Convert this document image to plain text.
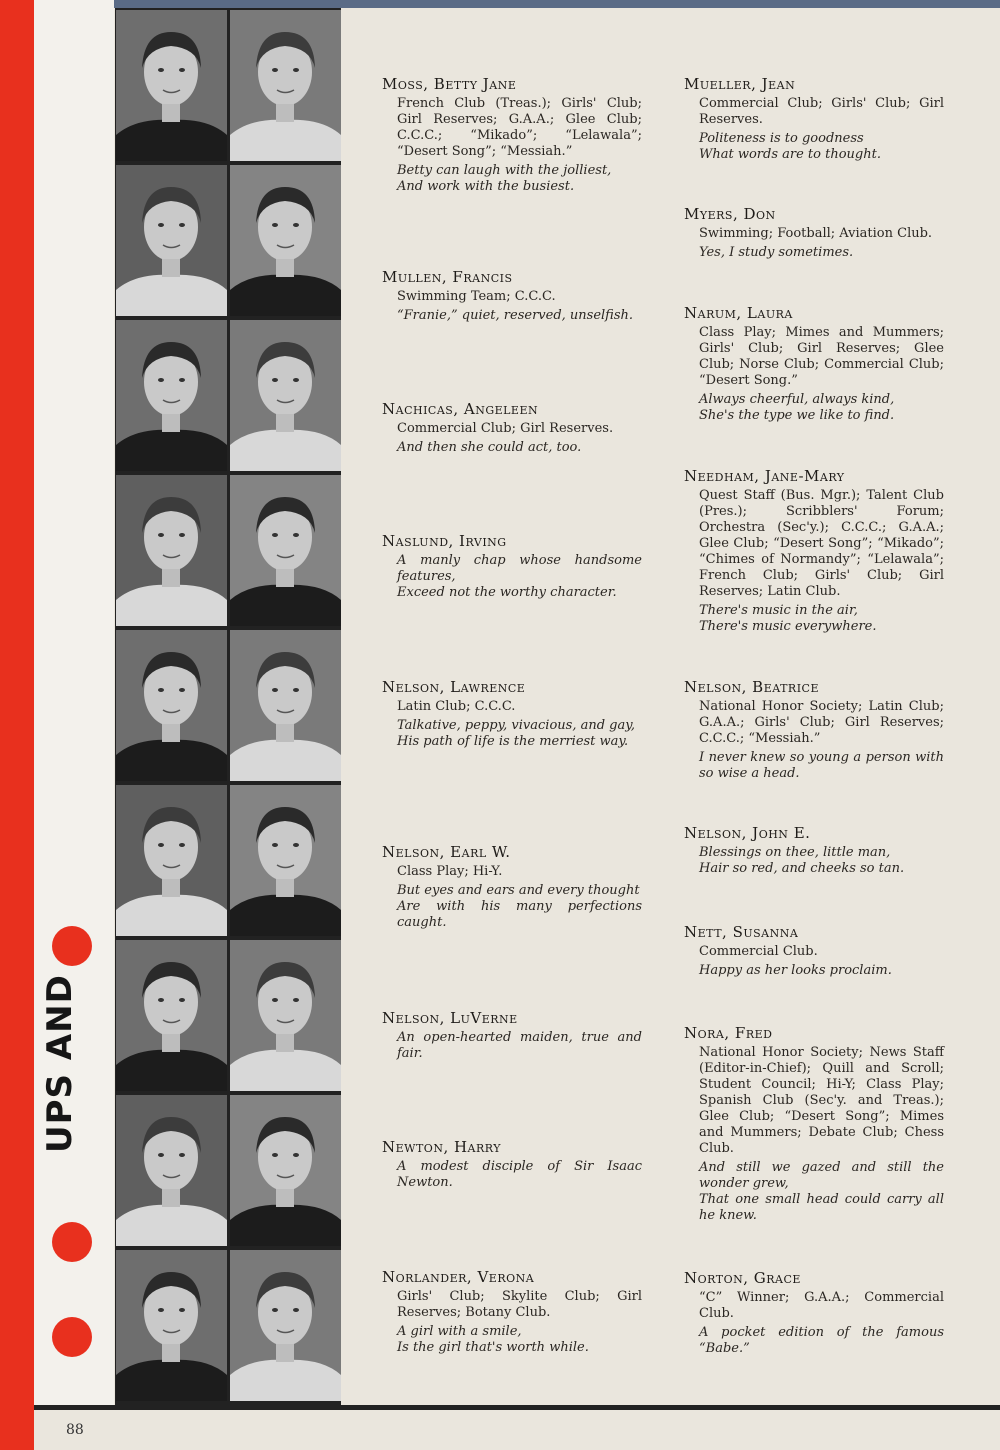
UPS AND
Moss, Betty Jane
French Club (Treas.); Girls' Club; Girl Reserves; G.A.A.; Glee Club; C.C.C.; “Mikado”; “Lelawala”; “Desert Song”; “Messiah.”
Betty can laugh with the jolliest,
And work with the busiest.
Mullen, Francis
Swimming Team; C.C.C.
“Franie,” quiet, reserved, unselfish.
Nachicas, Angeleen
Commercial Club; Girl Reserves.
And then she could act, too.
Naslund, Irving
A manly chap whose handsome features,
Exceed not the worthy character.
Nelson, Lawrence
Latin Club; C.C.C.
Talkative, peppy, vivacious, and gay,
His path of life is the merriest way.
Nelson, Earl W.
Class Play; Hi-Y.
But eyes and ears and every thought
Are with his many perfections caught.
Nelson, LuVerne
An open-hearted maiden, true and fair.
Newton, Harry
A modest disciple of Sir Isaac Newton.
Norlander, Verona
Girls' Club; Skylite Club; Girl Reserves; Botany Club.
A girl with a smile,
Is the girl that's worth while.
Mueller, Jean
Commercial Club; Girls' Club; Girl Reserves.
Politeness is to goodness
What words are to thought.
Myers, Don
Swimming; Football; Aviation Club.
Yes, I study sometimes.
Narum, Laura
Class Play; Mimes and Mummers; Girls' Club; Girl Reserves; Glee Club; Norse Club; Commercial Club; “Desert Song.”
Always cheerful, always kind,
She's the type we like to find.
Needham, Jane-Mary
Quest Staff (Bus. Mgr.); Talent Club (Pres.); Scribblers' Forum; Orchestra (Sec'y.); C.C.C.; G.A.A.; Glee Club; “Desert Song”; “Mikado”; “Chimes of Normandy”; “Lelawala”; French Club; Girls' Club; Girl Reserves; Latin Club.
There's music in the air,
There's music everywhere.
Nelson, Beatrice
National Honor Society; Latin Club; G.A.A.; Girls' Club; Girl Reserves; C.C.C.; “Messiah.”
I never knew so young a person with so wise a head.
Nelson, John E.
Blessings on thee, little man,
Hair so red, and cheeks so tan.
Nett, Susanna
Commercial Club.
Happy as her looks proclaim.
Nora, Fred
National Honor Society; News Staff (Editor-in-Chief); Quill and Scroll; Student Council; Hi-Y; Class Play; Spanish Club (Sec'y. and Treas.); Glee Club; “Desert Song”; Mimes and Mummers; Debate Club; Chess Club.
And still we gazed and still the wonder grew,
That one small head could carry all he knew.
Norton, Grace
“C” Winner; G.A.A.; Commercial Club.
A pocket edition of the famous “Babe.”
88
